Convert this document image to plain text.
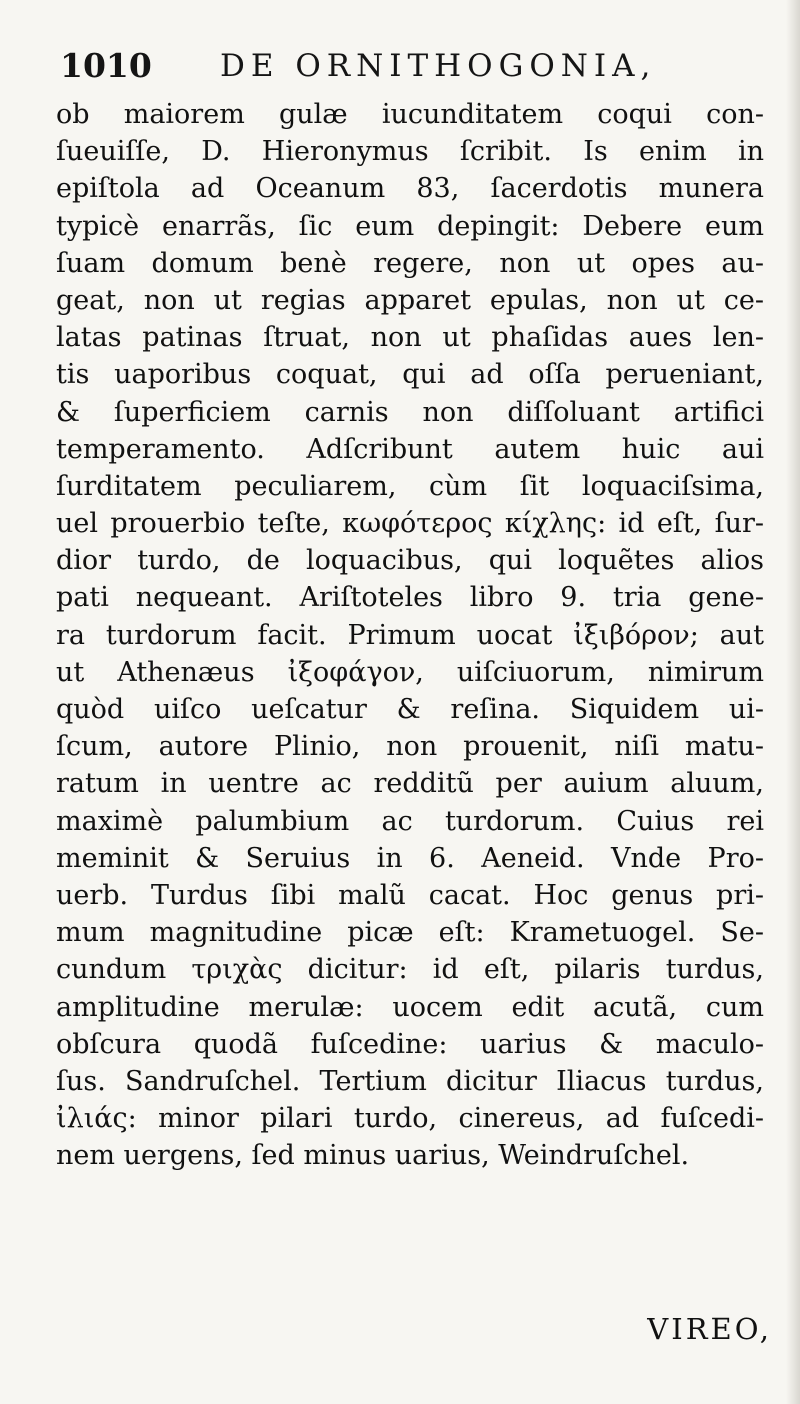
1010 DE ORNITHOGONIA,
ob maiorem gulæ iucunditatem coqui con-
ſueuiſſe, D. Hieronymus ſcribit. Is enim in
epiſtola ad Oceanum 83, ſacerdotis munera
typicè enarrãs, ſic eum depingit: Debere eum
ſuam domum benè regere, non ut opes au-
geat, non ut regias apparet epulas, non ut ce-
latas patinas ſtruat, non ut phaſidas aues len-
tis uaporibus coquat, qui ad oſſa perueniant,
& ſuperficiem carnis non diſſoluant artifici
temperamento. Adſcribunt autem huic aui
ſurditatem peculiarem, cùm ſit loquaciſsima,
uel prouerbio teſte, κωφότερος κίχλης: id eſt, ſur-
dior turdo, de loquacibus, qui loquẽtes alios
pati nequeant. Ariſtoteles libro 9. tria gene-
ra turdorum facit. Primum uocat ἰξιβόρον; aut
ut Athenæus ἰξοφάγον, uiſciuorum, nimirum
quòd uiſco ueſcatur & reſina. Siquidem ui-
ſcum, autore Plinio, non prouenit, niſi matu-
ratum in uentre ac redditũ per auium aluum,
maximè palumbium ac turdorum. Cuius rei
meminit & Seruius in 6. Aeneid. Vnde Pro-
uerb. Turdus ſibi malũ cacat. Hoc genus pri-
mum magnitudine picæ eſt: Krametuogel. Se-
cundum τριχὰς dicitur: id eſt, pilaris turdus,
amplitudine merulæ: uocem edit acutã, cum
obſcura quodã fuſcedine: uarius & maculo-
ſus. Sandruſchel. Tertium dicitur Iliacus turdus,
ἰλιάς: minor pilari turdo, cinereus, ad fuſcedi-
nem uergens, ſed minus uarius, Weindruſchel.
VIREO,
